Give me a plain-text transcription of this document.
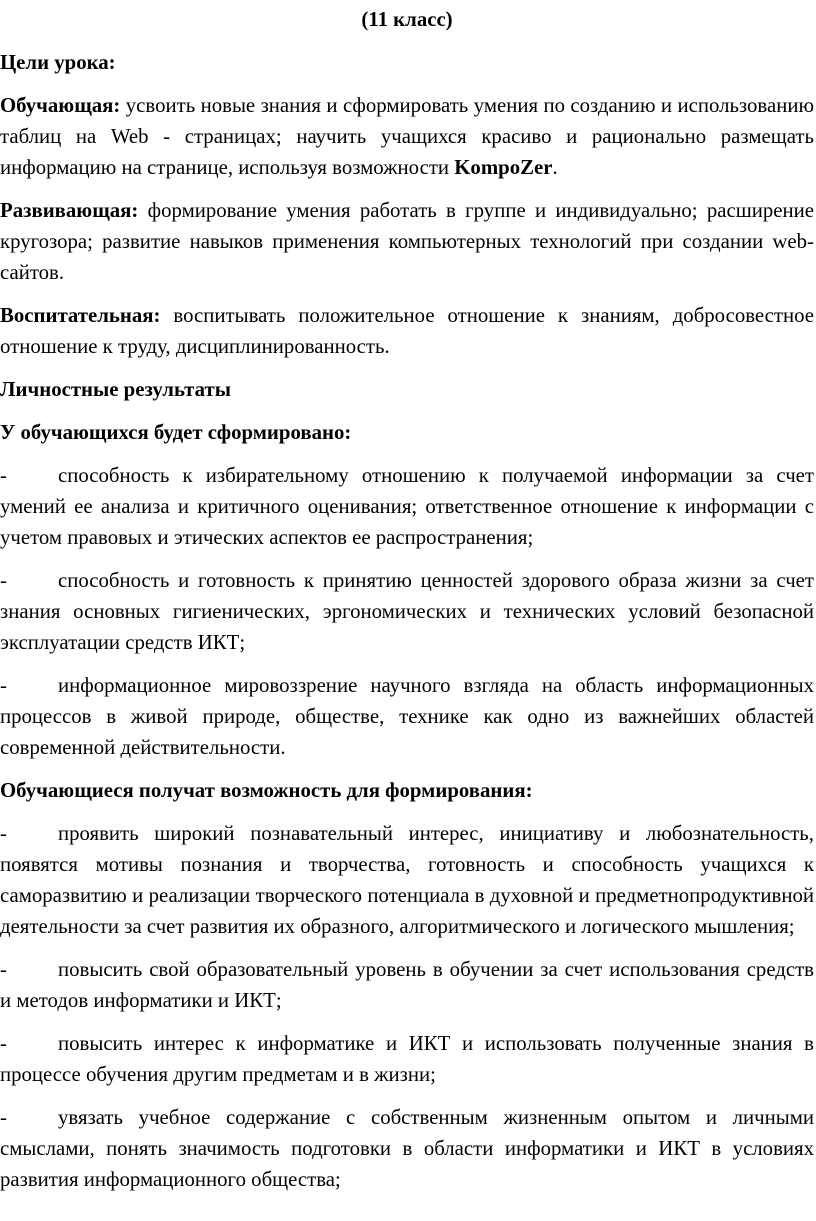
(11 класс)

Цели урока:

Обучающая: усвоить новые знания и сформировать умения по созданию и использованию таблиц на Web - страницах; научить учащихся красиво и рационально размещать информацию на странице, используя возможности KompoZer.

Развивающая: формирование умения работать в группе и индивидуально; расширение кругозора; развитие навыков применения компьютерных технологий при создании web-сайтов.

Воспитательная: воспитывать положительное отношение к знаниям, добросовестное отношение к труду, дисциплинированность.

Личностные результаты

У обучающихся будет сформировано:

- способность к избирательному отношению к получаемой информации за счет умений ее анализа и критичного оценивания; ответственное отношение к информации с учетом правовых и этических аспектов ее распространения;

- способность и готовность к принятию ценностей здорового образа жизни за счет знания основных гигиенических, эргономических и технических условий безопасной эксплуатации средств ИКТ;

- информационное мировоззрение научного взгляда на область информационных процессов в живой природе, обществе, технике как одно из важнейших областей современной действительности.

Обучающиеся получат возможность для формирования:

- проявить широкий познавательный интерес, инициативу и любознательность, появятся мотивы познания и творчества, готовность и способность учащихся к саморазвитию и реализации творческого потенциала в духовной и предметнопродуктивной деятельности за счет развития их образного, алгоритмического и логического мышления;

- повысить свой образовательный уровень в обучении за счет использования средств и методов информатики и ИКТ;

- повысить интерес к информатике и ИКТ и использовать полученные знания в процессе обучения другим предметам и в жизни;

- увязать учебное содержание с собственным жизненным опытом и личными смыслами, понять значимость подготовки в области информатики и ИКТ в условиях развития информационного общества;
